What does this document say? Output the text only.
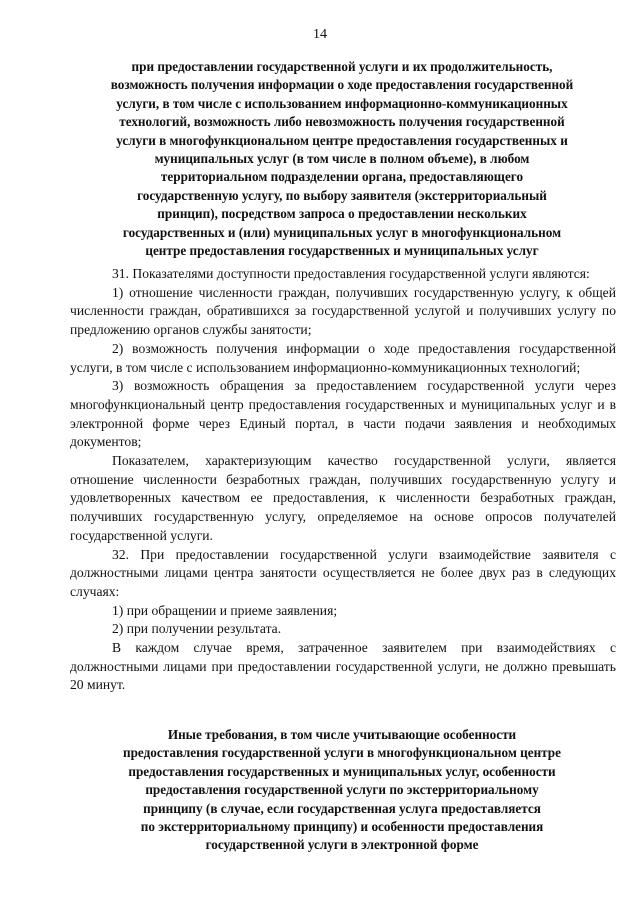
14

при предоставлении государственной услуги и их продолжительность,

возможность получения информации о ходе предоставления государственной

услуги, в том числе с использованием информационно-коммуникационных

технологий, возможность либо невозможность получения государственной

услуги в многофункциональном центре предоставления государственных и

муниципальных услуг (в том числе в полном объеме), в любом

территориальном подразделении органа, предоставляющего

государственную услугу, по выбору заявителя (экстерриториальный

принцип), посредством запроса о предоставлении нескольких

государственных и (или) муниципальных услуг в многофункциональном

центре предоставления государственных и муниципальных услуг

31. Показателями доступности предоставления государственной услуги являются:

1) отношение численности граждан, получивших государственную услугу, к общей численности граждан, обратившихся за государственной услугой и получивших услугу по предложению органов службы занятости;

2) возможность получения информации о ходе предоставления государственной услуги, в том числе с использованием информационно-коммуникационных технологий;

3) возможность обращения за предоставлением государственной услуги через многофункциональный центр предоставления государственных и муниципальных услуг и в электронной форме через Единый портал, в части подачи заявления и необходимых документов;

Показателем, характеризующим качество государственной услуги, является отношение численности безработных граждан, получивших государственную услугу и удовлетворенных качеством ее предоставления, к численности безработных граждан, получивших государственную услугу, определяемое на основе опросов получателей государственной услуги.

32. При предоставлении государственной услуги взаимодействие заявителя с должностными лицами центра занятости осуществляется не более двух раз в следующих случаях:

1) при обращении и приеме заявления;

2) при получении результата.

В каждом случае время, затраченное заявителем при взаимодействиях с должностными лицами при предоставлении государственной услуги, не должно превышать 20 минут.

Иные требования, в том числе учитывающие особенности

предоставления государственной услуги в многофункциональном центре

предоставления государственных и муниципальных услуг, особенности

предоставления государственной услуги по экстерриториальному

принципу (в случае, если государственная услуга предоставляется

по экстерриториальному принципу) и особенности предоставления

государственной услуги в электронной форме
